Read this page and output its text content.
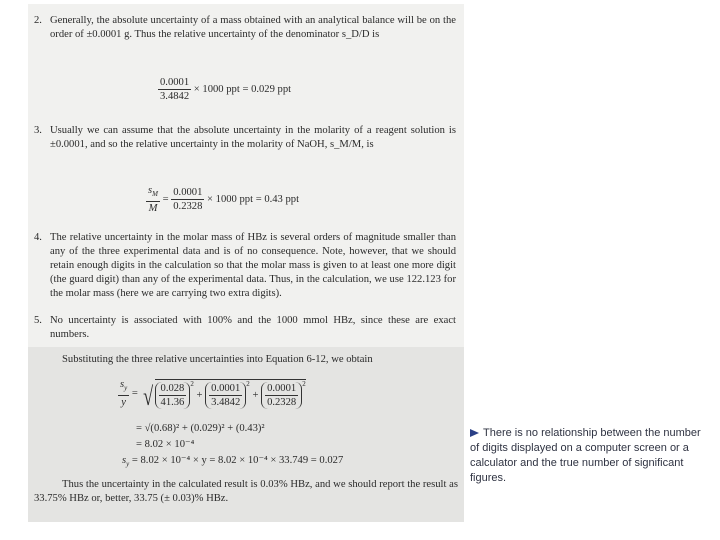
2. Generally, the absolute uncertainty of a mass obtained with an analytical balance will be on the order of ±0.0001 g. Thus the relative uncertainty of the denominator s_D/D is
$\frac{0.0001}{3.4842} \times 1000$ ppt = 0.029 ppt
3. Usually we can assume that the absolute uncertainty in the molarity of a reagent solution is ±0.0001, and so the relative uncertainty in the molarity of NaOH, s_M/M, is
$\frac{s_M}{M} = \frac{0.0001}{0.2328} \times 1000$ ppt = 0.43 ppt
4. The relative uncertainty in the molar mass of HBz is several orders of magnitude smaller than any of the three experimental data and is of no consequence. Note, however, that we should retain enough digits in the calculation so that the molar mass is given to at least one more digit (the guard digit) than any of the experimental data. Thus, in the calculation, we use 122.123 for the molar mass (here we are carrying two extra digits).
5. No uncertainty is associated with 100% and the 1000 mmol HBz, since these are exact numbers.
Substituting the three relative uncertainties into Equation 6-12, we obtain
$\frac{s_y}{y}$ = √ $\frac{0.028}{41.36} ^2 + \frac{0.0001}{3.4842} ^2 + \frac{0.0001}{0.2328} ^2$
= √(0.68)² + (0.029)² + (0.43)²
= 8.02 × 10⁻⁴
$s_y = 8.02 \times 10^{-4} \times y = 8.02 \times 10^{-4} \times 33.749 = 0.027$
Thus the uncertainty in the calculated result is 0.03% HBz, and we should report the result as 33.75% HBz or, better, 33.75 (± 0.03)% HBz.
There is no relationship between the number of digits displayed on a computer screen or a calculator and the true number of significant figures.
